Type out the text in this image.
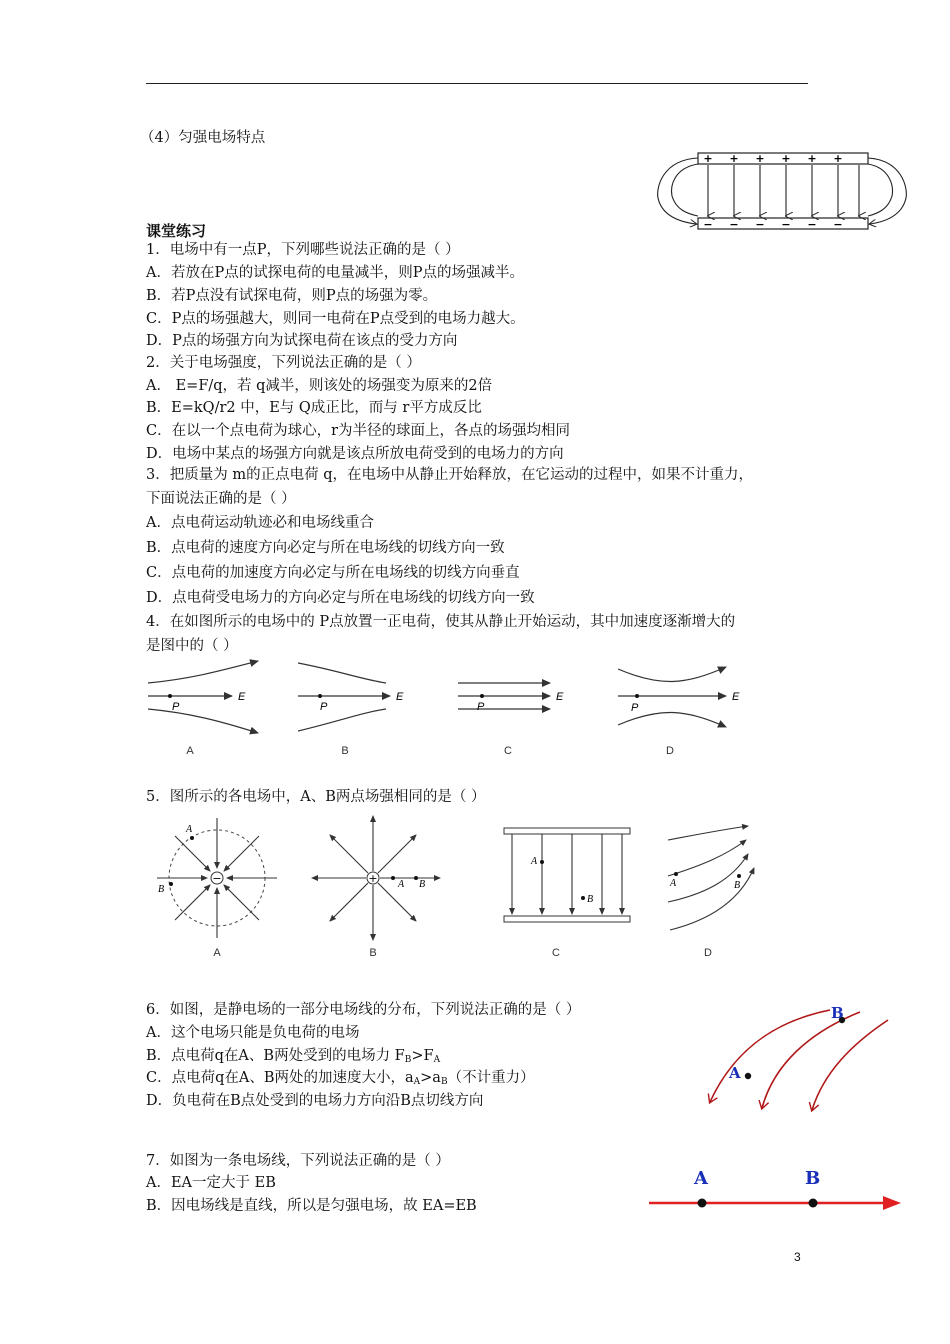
（4）匀强电场特点
+ + + + + +
− − − − − −
课堂练习
1．电场中有一点P，下列哪些说法正确的是（ ）
A．若放在P点的试探电荷的电量减半，则P点的场强减半。
B．若P点没有试探电荷，则P点的场强为零。
C．P点的场强越大，则同一电荷在P点受到的电场力越大。
D．P点的场强方向为试探电荷在该点的受力方向
2．关于电场强度，下列说法正确的是（ ）
A． E=F/q，若 q减半，则该处的场强变为原来的2倍
B．E=kQ/r2 中，E与 Q成正比，而与 r平方成反比
C．在以一个点电荷为球心，r为半径的球面上，各点的场强均相同
D．电场中某点的场强方向就是该点所放电荷受到的电场力的方向
3．把质量为 m的正点电荷 q，在电场中从静止开始释放，在它运动的过程中，如果不计重力，
下面说法正确的是（ ）
A．点电荷运动轨迹必和电场线重合
B．点电荷的速度方向必定与所在电场线的切线方向一致
C．点电荷的加速度方向必定与所在电场线的切线方向垂直
D．点电荷受电场力的方向必定与所在电场线的切线方向一致
4．在如图所示的电场中的 P点放置一正电荷，使其从静止开始运动，其中加速度逐渐增大的
是图中的（ ）
P
E
P
E
P
E
P
E
A	B	C	D
5．图所示的各电场中，A、B两点场强相同的是（ ）
−
A
B
+ A B
A
B
A	B
A	B	C	D
6．如图，是静电场的一部分电场线的分布，下列说法正确的是（ ）
A．这个电场只能是负电荷的电场
B．点电荷q在A、B两处受到的电场力 $F_B>F_A$
C．点电荷q在A、B两处的加速度大小，$a_A>a_B$（不计重力）
D．负电荷在B点处受到的电场力方向沿B点切线方向
A
B
7．如图为一条电场线，下列说法正确的是（ ）
A．EA一定大于 EB
B．因电场线是直线，所以是匀强电场，故 EA=EB
A	B
3
